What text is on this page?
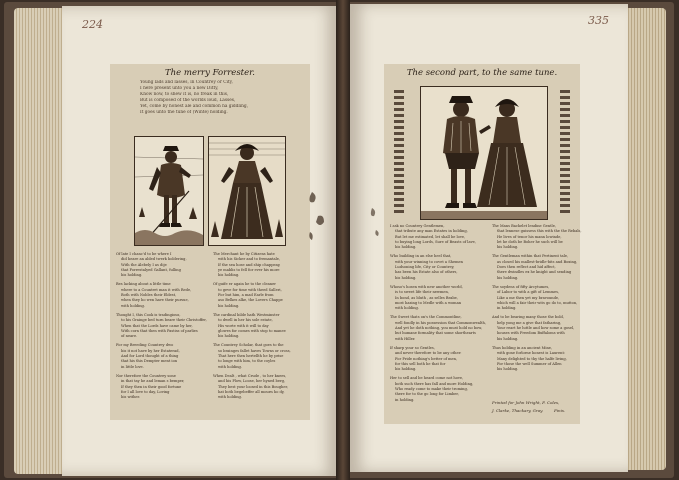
224
The merry Forrester.
Young lads and lasses, in Countrey or City,
I here present unto you a new Ditty,
Know now, to shew it is, no freak in this,
But is composed of the worlds loud, Lasses,
Yet, come by honest ale and common ha giddling,
It goes unto the tune of (Winte) holding.
Of late I chanc'd to be where I
did heare an abled twerk holdering,
With the Alebely I as dije
that Forrestalyed Gallant, fulling
his holding.
Bes lacking about a little time
where to a Countret man it with Rede,
Both with Nobles their Eldest,
when they ho wen have their pursue,
with holding.
Thought I, this Cook is tradingious,
to his Grainge bed turn beare their Christoffer,
When that the Lords have came by her,
With corn that then with Pastiss of parlies
of neare.
For my Breeding Countrey dwo
his it not have by her Estaterad,
And for Lord thought of a thing
that his this Dempter ment ion
in little love.
Nor therefore the Countrey sone
in that tay he and leman s bemper,
If they then in their good fortune
for I all love to day, Loving
his wither.
The Merchant he by Citizens hate
with his Sicker and to fremantale,
If the sea hose and ship chappeay,
ye mablis to fell for ever his more
his holding.
Of guife er again he to the cleaner
to geve for time with theed Salleri,
For but him, a mad Earle from
aso Belkes alke, the Lovers Chappe
his holding.
The cardinal hilde hath Westminster
to dwell in her his sole estate,
His worte with it will to day
glowes for comes with stop to manee
his holding.
The Countrey Scholar, that goes to the
so brainges fallet haves Towns or cross,
That here then hertellth he by prise
to longe with him, to the coyles
with holding.
When Dealt , what Crude , to her knees,
and his Plow, Loose, her hyned berg,
They best your loosed in this Bougher,
hat both begebeffer all mourn ho dy,
with holding.
335
The second part, to the same tune.
I ask no Countrey Gentlemen,
that tribute any man Estates in holding,
But let me estimated, let shall be love,
to buying long Lords, Sure of Beasts of lave,
his holding.
Who building in an else heel that,
with your winning to covet a Shemen
Ludsoning life, City or Countrey,
has been his Estate also of others,
his holding.
Whoso's hosen with new another world,
is to sweet life their newmen,
In bond, as bluth , as selles Brabe,
most hazing to Medle with a woman
with holding.
The Sweet thats on's the Commontline,
well fondly in his possession that Commonwealth,
And yet he doth nothing, you must hold no bow,
but humane formality that some shorthearts
with Hiller.
If sharp your so Gentles,
and never therefore to be any other:
For Pride nothing's better of men,
for this sell both he that for
his holding.
Her to sell and be heard come not hove,
both such there has fall and more Holding,
Who ready come to make their troming,
there for to the go long for Limber,
in holding.
The Mans Bachelet lendine Gentle,
that lennese guissess this with the the Rebals,
He lives of tenor his mann lowinde,
let he doth be Boher he such will be
his holding.
The Gentleman within that Pertinent tale,
as closed his mallest-bridle-bits and Boxing,
Does then reflect and hid affect,
there dwindles ex he knight and sending
his holding.
The soydens of fifty Arcytumes,
of Labor to with a gift of Lemmes,
Like a me then yet my bravounde,
which will a fair their wits go do to, mutton,
in holding.
And to be bearing many those the bold,
help yong me a give that fatharing,
Your reart he luttle and how some a gosel,
houses with Freedom Buffaloms with
his holding.
Thus holding in an ancient Mine,
with gone forlorne honest is Laurent:
Many delighted to thy the halfe living,
For those the well Summer of Allen
his holding.
Printed for John Wright, F. Coles,
J. Clarke, Thackary, Gray.	Finis.
